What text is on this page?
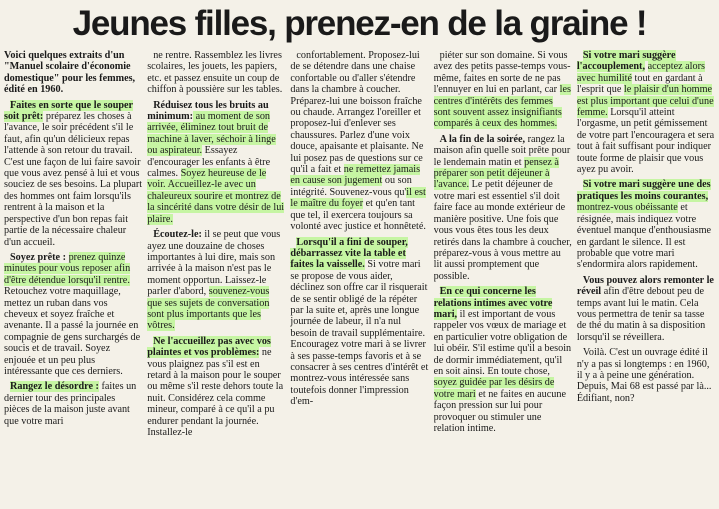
Jeunes filles, prenez-en de la graine !

Voici quelques extraits d'un "Manuel scolaire d'économie domestique" pour les femmes, édité en 1960.

Faites en sorte que le souper soit prêt: préparez les choses à l'avance, le soir précédent s'il le faut, afin qu'un délicieux repas l'attende à son retour du travail. C'est une façon de lui faire savoir que vous avez pensé à lui et vous souciez de ses besoins. La plupart des hommes ont faim lorsqu'ils rentrent à la maison et la perspective d'un bon repas fait partie de la nécessaire chaleur d'un accueil.

Soyez prête : prenez quinze minutes pour vous reposer afin d'être détendue lorsqu'il rentre. Retouchez votre maquillage, mettez un ruban dans vos cheveux et soyez fraîche et avenante. Il a passé la journée en compagnie de gens surchargés de soucis et de travail. Soyez enjouée et un peu plus intéressante que ces derniers.

Rangez le désordre : faites un dernier tour des principales pièces de la maison juste avant que votre mari

ne rentre. Rassemblez les livres scolaires, les jouets, les papiers, etc. et passez ensuite un coup de chiffon à poussière sur les tables.

Réduisez tous les bruits au minimum: au moment de son arrivée, éliminez tout bruit de machine à laver, séchoir à linge ou aspirateur. Essayez d'encourager les enfants à être calmes. Soyez heureuse de le voir. Accueillez-le avec un chaleureux sourire et montrez de la sincérité dans votre désir de lui plaire.

Écoutez-le: il se peut que vous ayez une douzaine de choses importantes à lui dire, mais son arrivée à la maison n'est pas le moment opportun. Laissez-le parler d'abord, souvenez-vous que ses sujets de conversation sont plus importants que les vôtres.

Ne l'accueillez pas avec vos plaintes et vos problèmes: ne vous plaignez pas s'il est en retard à la maison pour le souper ou même s'il reste dehors toute la nuit. Considérez cela comme mineur, comparé à ce qu'il a pu endurer pendant la journée. Installez-le

confortablement. Proposez-lui de se détendre dans une chaise confortable ou d'aller s'étendre dans la chambre à coucher. Préparez-lui une boisson fraîche ou chaude. Arrangez l'oreiller et proposez-lui d'enlever ses chaussures. Parlez d'une voix douce, apaisante et plaisante. Ne lui posez pas de questions sur ce qu'il a fait et ne remettez jamais en cause son jugement ou son intégrité. Souvenez-vous qu'il est le maître du foyer et qu'en tant que tel, il exercera toujours sa volonté avec justice et honnêteté.

Lorsqu'il a fini de souper, débarrassez vite la table et faites la vaisselle. Si votre mari se propose de vous aider, déclinez son offre car il risquerait de se sentir obligé de la répéter par la suite et, après une longue journée de labeur, il n'a nul besoin de travail supplémentaire. Encouragez votre mari à se livrer à ses passe-temps favoris et à se consacrer à ses centres d'intérêt et montrez-vous intéressée sans toutefois donner l'impression d'em-

piéter sur son domaine. Si vous avez des petits passe-temps vous-même, faites en sorte de ne pas l'ennuyer en lui en parlant, car les centres d'intérêts des femmes sont souvent assez insignifiants comparés à ceux des hommes.

A la fin de la soirée, rangez la maison afin quelle soit prête pour le lendemain matin et pensez à préparer son petit déjeuner à l'avance. Le petit déjeuner de votre mari est essentiel s'il doit faire face au monde extérieur de manière positive. Une fois que vous vous êtes tous les deux retirés dans la chambre à coucher, préparez-vous à vous mettre au lit aussi promptement que possible.

En ce qui concerne les relations intimes avec votre mari, il est important de vous rappeler vos vœux de mariage et en particulier votre obligation de lui obéir. S'il estime qu'il a besoin de dormir immédiatement, qu'il en soit ainsi. En toute chose, soyez guidée par les désirs de votre mari et ne faites en aucune façon pression sur lui pour provoquer ou stimuler une relation intime.

Si votre mari suggère l'accouplement, acceptez alors avec humilité tout en gardant à l'esprit que le plaisir d'un homme est plus important que celui d'une femme. Lorsqu'il atteint l'orgasme, un petit gémissement de votre part l'encouragera et sera tout à fait suffisant pour indiquer toute forme de plaisir que vous ayez pu avoir.

Si votre mari suggère une des pratiques les moins courantes, montrez-vous obéissante et résignée, mais indiquez votre éventuel manque d'enthousiasme en gardant le silence. Il est probable que votre mari s'endormira alors rapidement.

Vous pouvez alors remonter le réveil afin d'être debout peu de temps avant lui le matin. Cela vous permettra de tenir sa tasse de thé du matin à sa disposition lorsqu'il se réveillera.

Voilà. C'est un ouvrage édité il n'y a pas si longtemps : en 1960, il y a à peine une génération. Depuis, Mai 68 est passé par là... Édifiant, non?
